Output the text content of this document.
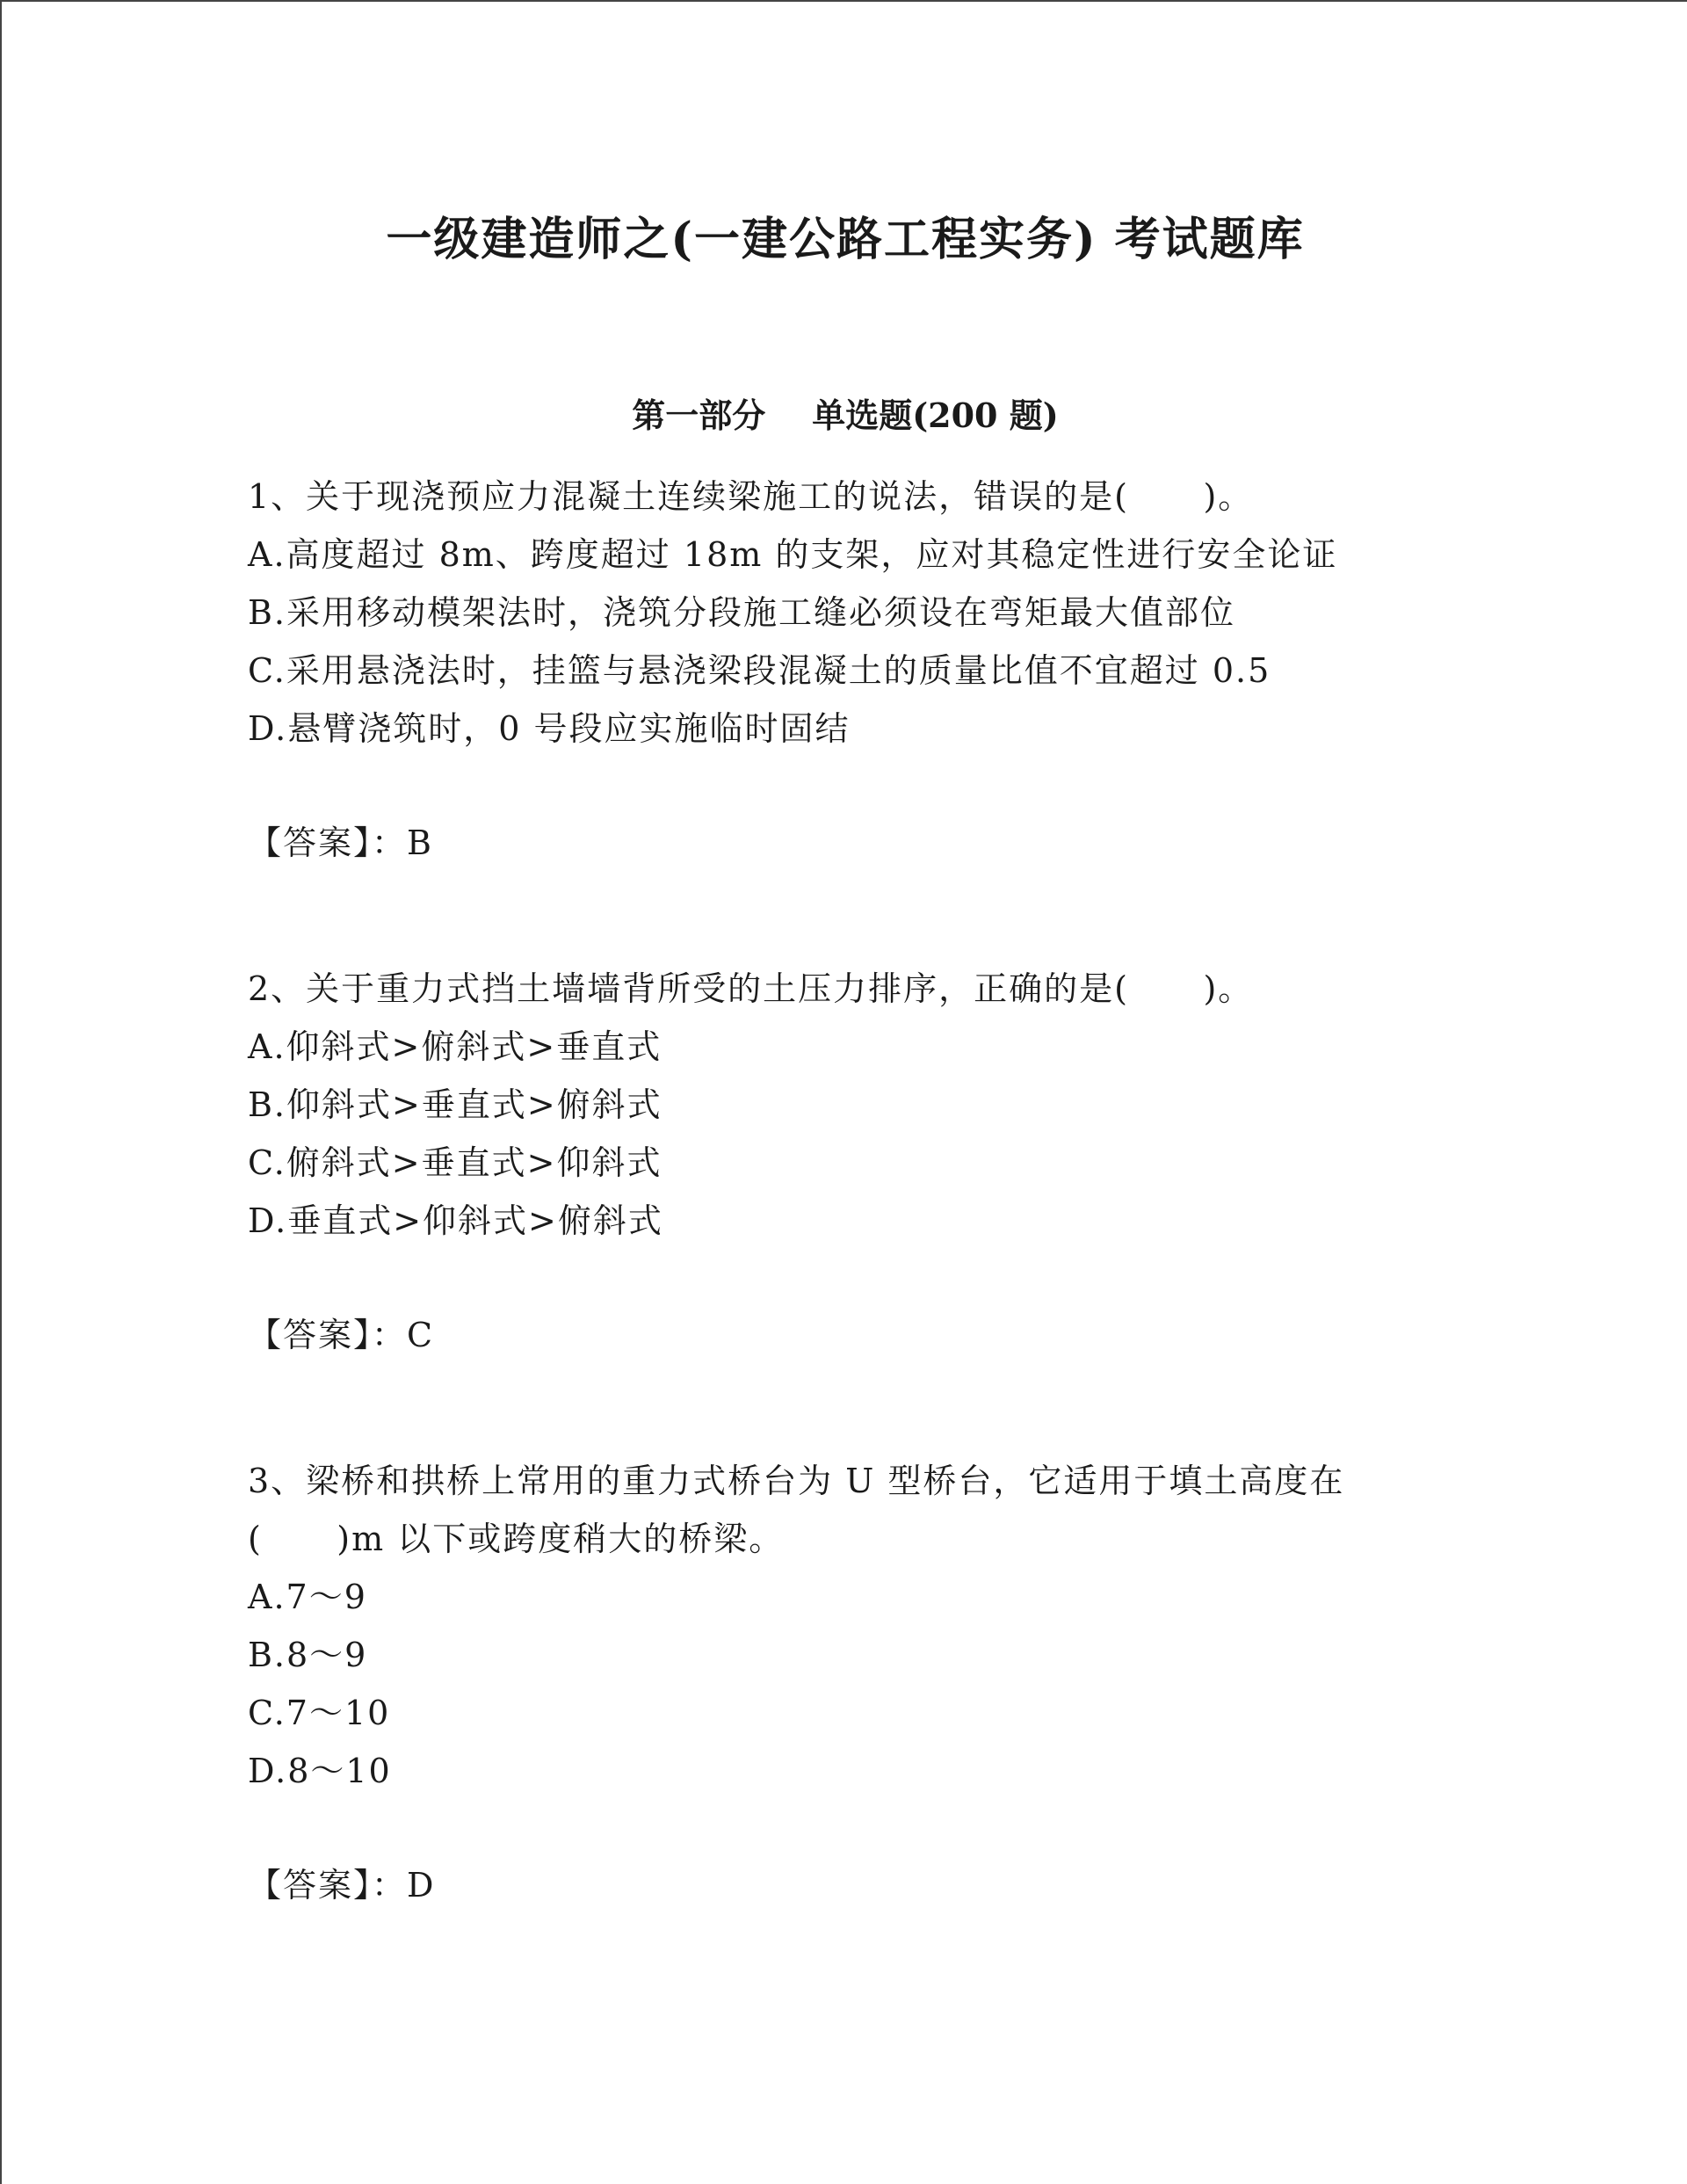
一级建造师之(一建公路工程实务) 考试题库
第一部分    单选题(200 题)
1、关于现浇预应力混凝土连续梁施工的说法，错误的是(      )。
A.高度超过 8m、跨度超过 18m 的支架，应对其稳定性进行安全论证
B.采用移动模架法时，浇筑分段施工缝必须设在弯矩最大值部位
C.采用悬浇法时，挂篮与悬浇梁段混凝土的质量比值不宜超过 0.5
D.悬臂浇筑时，0 号段应实施临时固结
【答案】：B
2、关于重力式挡土墙墙背所受的土压力排序，正确的是(      )。
A.仰斜式>俯斜式>垂直式
B.仰斜式>垂直式>俯斜式
C.俯斜式>垂直式>仰斜式
D.垂直式>仰斜式>俯斜式
【答案】：C
3、梁桥和拱桥上常用的重力式桥台为 U 型桥台，它适用于填土高度在
(      )m 以下或跨度稍大的桥梁。
A.7～9
B.8～9
C.7～10
D.8～10
【答案】：D
